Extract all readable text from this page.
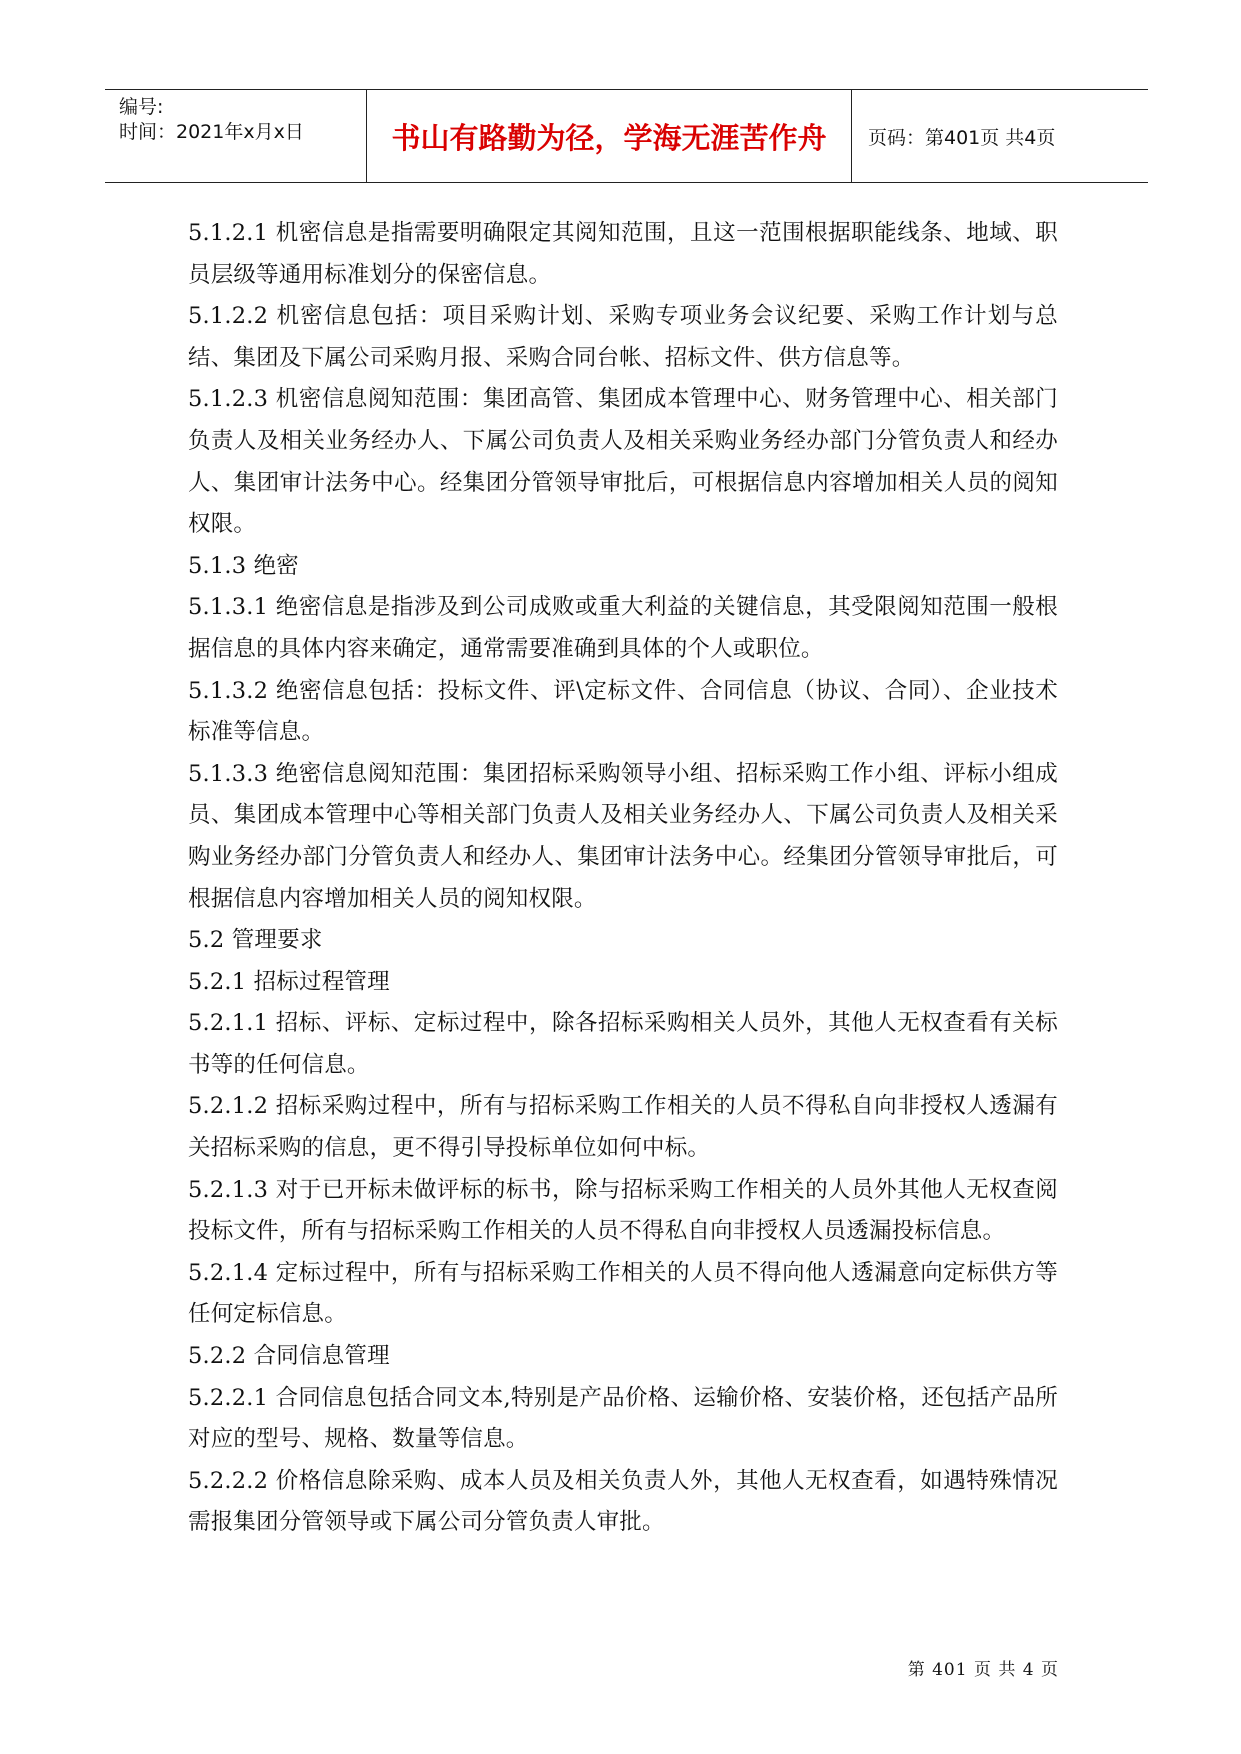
编号:
时间：2021年x月x日	书山有路勤为径，学海无涯苦作舟	页码：第401页 共4页

5.1.2.1 机密信息是指需要明确限定其阅知范围，且这一范围根据职能线条、地域、职员层级等通用标准划分的保密信息。

5.1.2.2 机密信息包括：项目采购计划、采购专项业务会议纪要、采购工作计划与总结、集团及下属公司采购月报、采购合同台帐、招标文件、供方信息等。

5.1.2.3 机密信息阅知范围：集团高管、集团成本管理中心、财务管理中心、相关部门负责人及相关业务经办人、下属公司负责人及相关采购业务经办部门分管负责人和经办人、集团审计法务中心。经集团分管领导审批后，可根据信息内容增加相关人员的阅知权限。

5.1.3 绝密

5.1.3.1 绝密信息是指涉及到公司成败或重大利益的关键信息，其受限阅知范围一般根据信息的具体内容来确定，通常需要准确到具体的个人或职位。

5.1.3.2 绝密信息包括：投标文件、评\定标文件、合同信息（协议、合同）、企业技术标准等信息。

5.1.3.3 绝密信息阅知范围：集团招标采购领导小组、招标采购工作小组、评标小组成员、集团成本管理中心等相关部门负责人及相关业务经办人、下属公司负责人及相关采购业务经办部门分管负责人和经办人、集团审计法务中心。经集团分管领导审批后，可根据信息内容增加相关人员的阅知权限。

5.2 管理要求

5.2.1 招标过程管理

5.2.1.1 招标、评标、定标过程中，除各招标采购相关人员外，其他人无权查看有关标书等的任何信息。

5.2.1.2 招标采购过程中，所有与招标采购工作相关的人员不得私自向非授权人透漏有关招标采购的信息，更不得引导投标单位如何中标。

5.2.1.3 对于已开标未做评标的标书，除与招标采购工作相关的人员外其他人无权查阅投标文件，所有与招标采购工作相关的人员不得私自向非授权人员透漏投标信息。

5.2.1.4 定标过程中，所有与招标采购工作相关的人员不得向他人透漏意向定标供方等任何定标信息。

5.2.2 合同信息管理

5.2.2.1 合同信息包括合同文本,特别是产品价格、运输价格、安装价格，还包括产品所对应的型号、规格、数量等信息。

5.2.2.2 价格信息除采购、成本人员及相关负责人外，其他人无权查看，如遇特殊情况需报集团分管领导或下属公司分管负责人审批。

第 401 页 共 4 页
